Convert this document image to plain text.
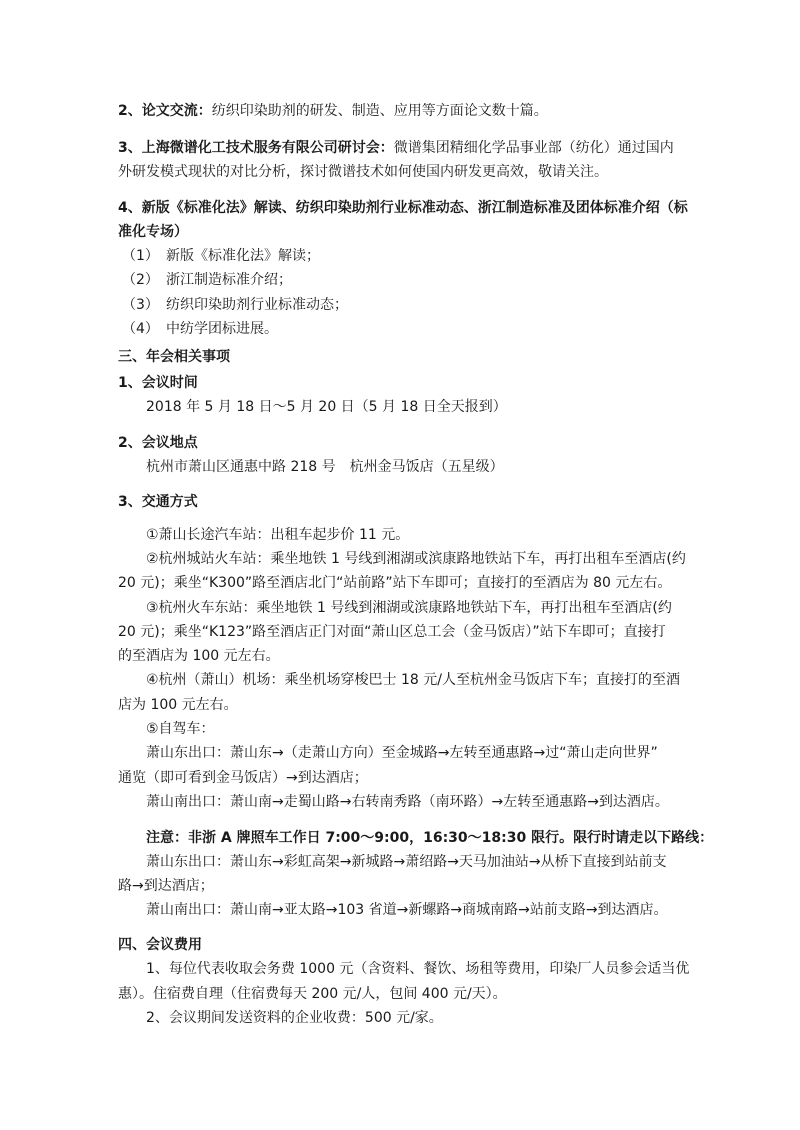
2、论文交流：纺织印染助剂的研发、制造、应用等方面论文数十篇。
3、上海微谱化工技术服务有限公司研讨会：微谱集团精细化学品事业部（纺化）通过国内
外研发模式现状的对比分析，探讨微谱技术如何使国内研发更高效，敬请关注。
4、新版《标准化法》解读、纺织印染助剂行业标准动态、浙江制造标准及团体标准介绍（标
准化专场）
（1） 新版《标准化法》解读；
（2） 浙江制造标准介绍；
（3） 纺织印染助剂行业标准动态；
（4） 中纺学团标进展。
三、年会相关事项
1、会议时间
2018 年 5 月 18 日～5 月 20 日（5 月 18 日全天报到）
2、会议地点
杭州市萧山区通惠中路 218 号　杭州金马饭店（五星级）
3、交通方式
①萧山长途汽车站：出租车起步价 11 元。
②杭州城站火车站：乘坐地铁 1 号线到湘湖或滨康路地铁站下车，再打出租车至酒店(约
20 元)；乘坐“K300”路至酒店北门“站前路”站下车即可；直接打的至酒店为 80 元左右。
③杭州火车东站：乘坐地铁 1 号线到湘湖或滨康路地铁站下车，再打出租车至酒店(约
20 元)；乘坐“K123”路至酒店正门对面“萧山区总工会（金马饭店）”站下车即可；直接打
的至酒店为 100 元左右。
④杭州（萧山）机场：乘坐机场穿梭巴士 18 元/人至杭州金马饭店下车；直接打的至酒
店为 100 元左右。
⑤自驾车：
萧山东出口：萧山东→（走萧山方向）至金城路→左转至通惠路→过“萧山走向世界”
通览（即可看到金马饭店）→到达酒店；
萧山南出口：萧山南→走蜀山路→右转南秀路（南环路）→左转至通惠路→到达酒店。
注意：非浙 A 牌照车工作日 7:00～9:00，16:30～18:30 限行。限行时请走以下路线：
萧山东出口：萧山东→彩虹高架→新城路→萧绍路→天马加油站→从桥下直接到站前支
路→到达酒店；
萧山南出口：萧山南→亚太路→103 省道→新螺路→商城南路→站前支路→到达酒店。
四、会议费用
1、每位代表收取会务费 1000 元（含资料、餐饮、场租等费用，印染厂人员参会适当优
惠）。住宿费自理（住宿费每天 200 元/人，包间 400 元/天）。
2、会议期间发送资料的企业收费：500 元/家。
